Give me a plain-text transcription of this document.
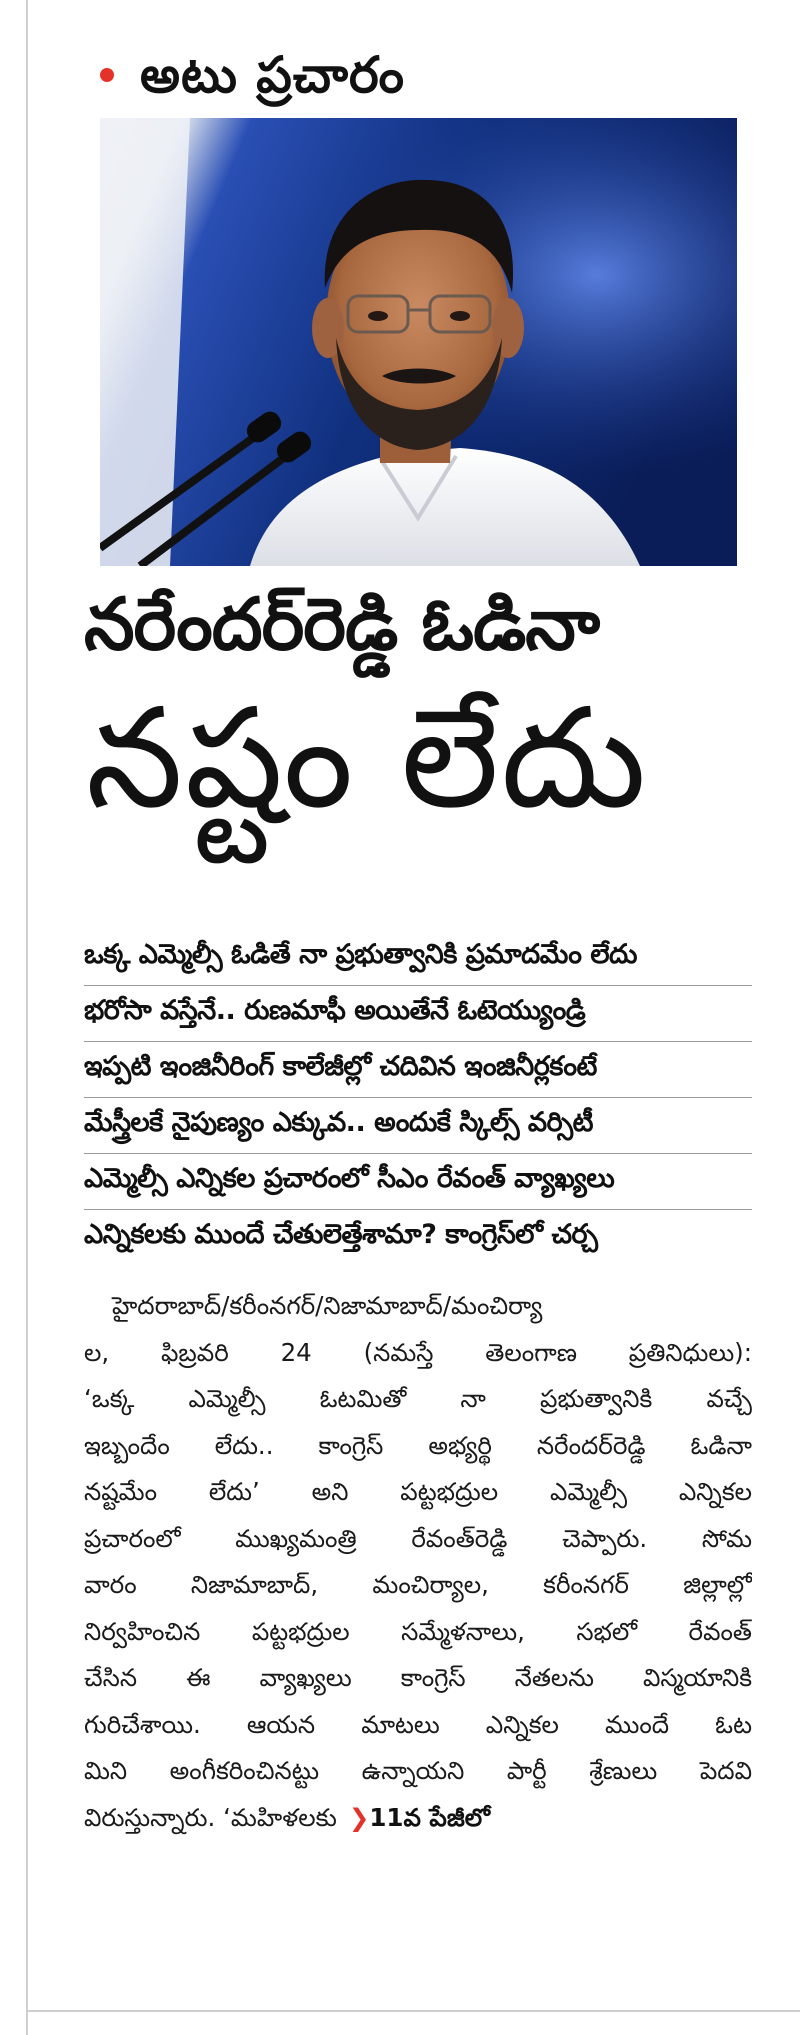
అటు ప్రచారం
నరేందర్‌రెడ్డి ఓడినా
నష్టం లేదు
ఒక్క ఎమ్మెల్సీ ఓడితే నా ప్రభుత్వానికి ప్రమాదమేం లేదు
భరోసా వస్తేనే.. రుణమాఫీ అయితేనే ఓటెయ్యుండ్రి
ఇప్పటి ఇంజినీరింగ్ కాలేజీల్లో చదివిన ఇంజినీర్లకంటే
మేస్త్రీలకే నైపుణ్యం ఎక్కువ.. అందుకే స్కిల్స్ వర్సిటీ
ఎమ్మెల్సీ ఎన్నికల ప్రచారంలో సీఎం రేవంత్ వ్యాఖ్యలు
ఎన్నికలకు ముందే చేతులెత్తేశామా? కాంగ్రెస్‌లో చర్చ
హైదరాబాద్/కరీంనగర్/నిజామాబాద్/మంచిర్యా
ల, ఫిబ్రవరి 24 (నమస్తే తెలంగాణ ప్రతినిధులు):
‘ఒక్క ఎమ్మెల్సీ ఓటమితో నా ప్రభుత్వానికి వచ్చే
ఇబ్బందేం లేదు.. కాంగ్రెస్ అభ్యర్థి నరేందర్‌రెడ్డి ఓడినా
నష్టమేం లేదు’ అని పట్టభద్రుల ఎమ్మెల్సీ ఎన్నికల
ప్రచారంలో ముఖ్యమంత్రి రేవంత్‌రెడ్డి చెప్పారు. సోమ
వారం నిజామాబాద్, మంచిర్యాల, కరీంనగర్ జిల్లాల్లో
నిర్వహించిన పట్టభద్రుల సమ్మేళనాలు, సభలో రేవంత్
చేసిన ఈ వ్యాఖ్యలు కాంగ్రెస్ నేతలను విస్మయానికి
గురిచేశాయి. ఆయన మాటలు ఎన్నికల ముందే ఓట
మిని అంగీకరించినట్టు ఉన్నాయని పార్టీ శ్రేణులు పెదవి
విరుస్తున్నారు. ‘మహిళలకు ❯11వ పేజీలో
